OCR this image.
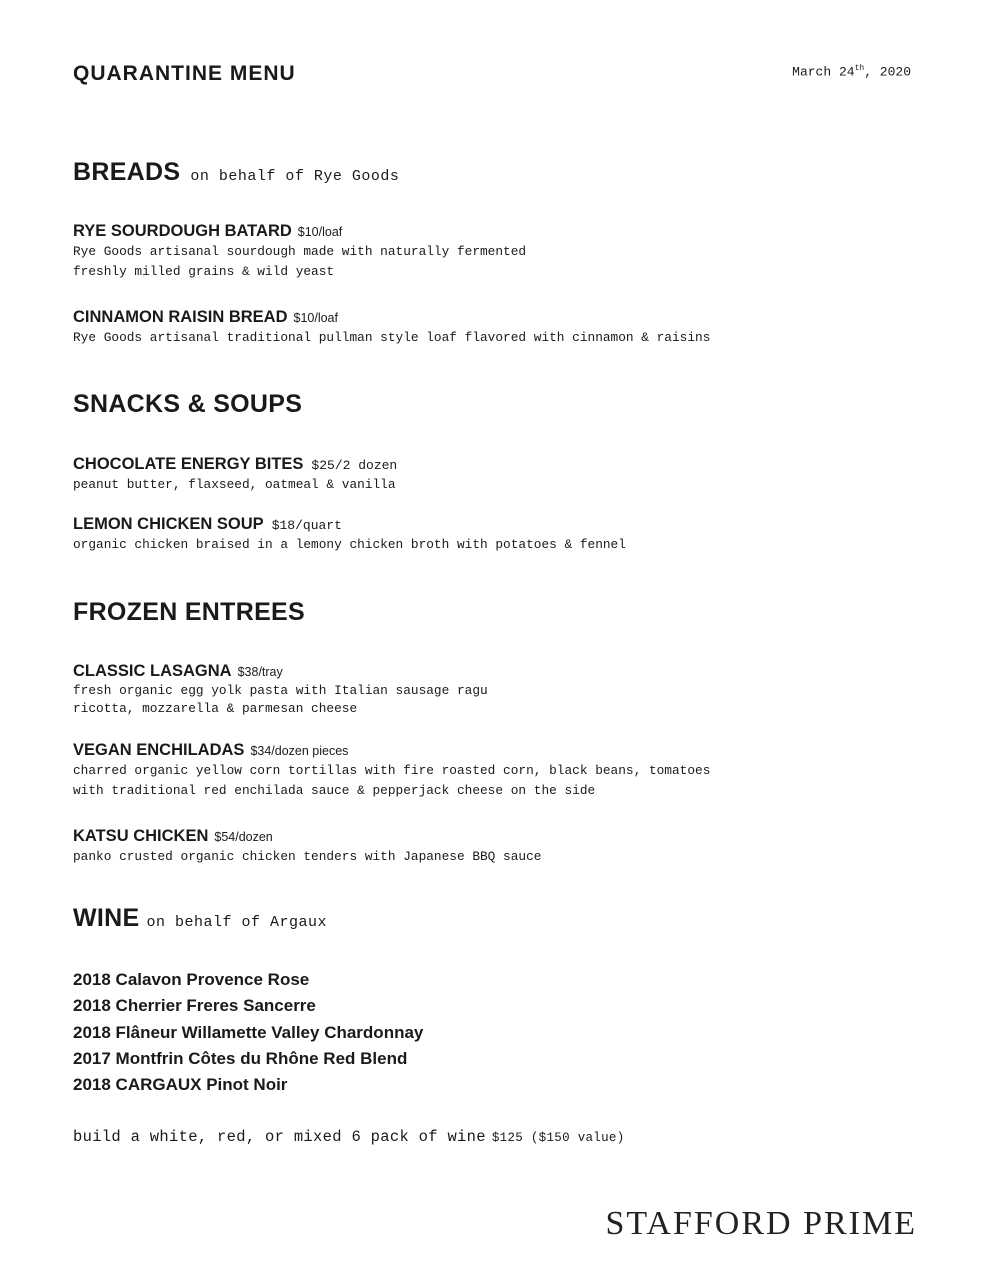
QUARANTINE MENU	March 24th, 2020
BREADS on behalf of Rye Goods
RYE SOURDOUGH BATARD $10/loaf
Rye Goods artisanal sourdough made with naturally fermented
freshly milled grains & wild yeast
CINNAMON RAISIN BREAD $10/loaf
Rye Goods artisanal traditional pullman style loaf flavored with cinnamon & raisins
SNACKS & SOUPS
CHOCOLATE ENERGY BITES $25/2 dozen
peanut butter, flaxseed, oatmeal & vanilla
LEMON CHICKEN SOUP $18/quart
organic chicken braised in a lemony chicken broth with potatoes & fennel
FROZEN ENTREES
CLASSIC LASAGNA $38/tray
fresh organic egg yolk pasta with Italian sausage ragu
ricotta, mozzarella & parmesan cheese
VEGAN ENCHILADAS $34/dozen pieces
charred organic yellow corn tortillas with fire roasted corn, black beans, tomatoes
with traditional red enchilada sauce & pepperjack cheese on the side
KATSU CHICKEN $54/dozen
panko crusted organic chicken tenders with Japanese BBQ sauce
WINE on behalf of Argaux
2018 Calavon Provence Rose
2018 Cherrier Freres Sancerre
2018 Flâneur Willamette Valley Chardonnay
2017 Montfrin Côtes du Rhône Red Blend
2018 CARGAUX Pinot Noir
build a white, red, or mixed 6 pack of wine $125 ($150 value)
STAFFORD PRIME
